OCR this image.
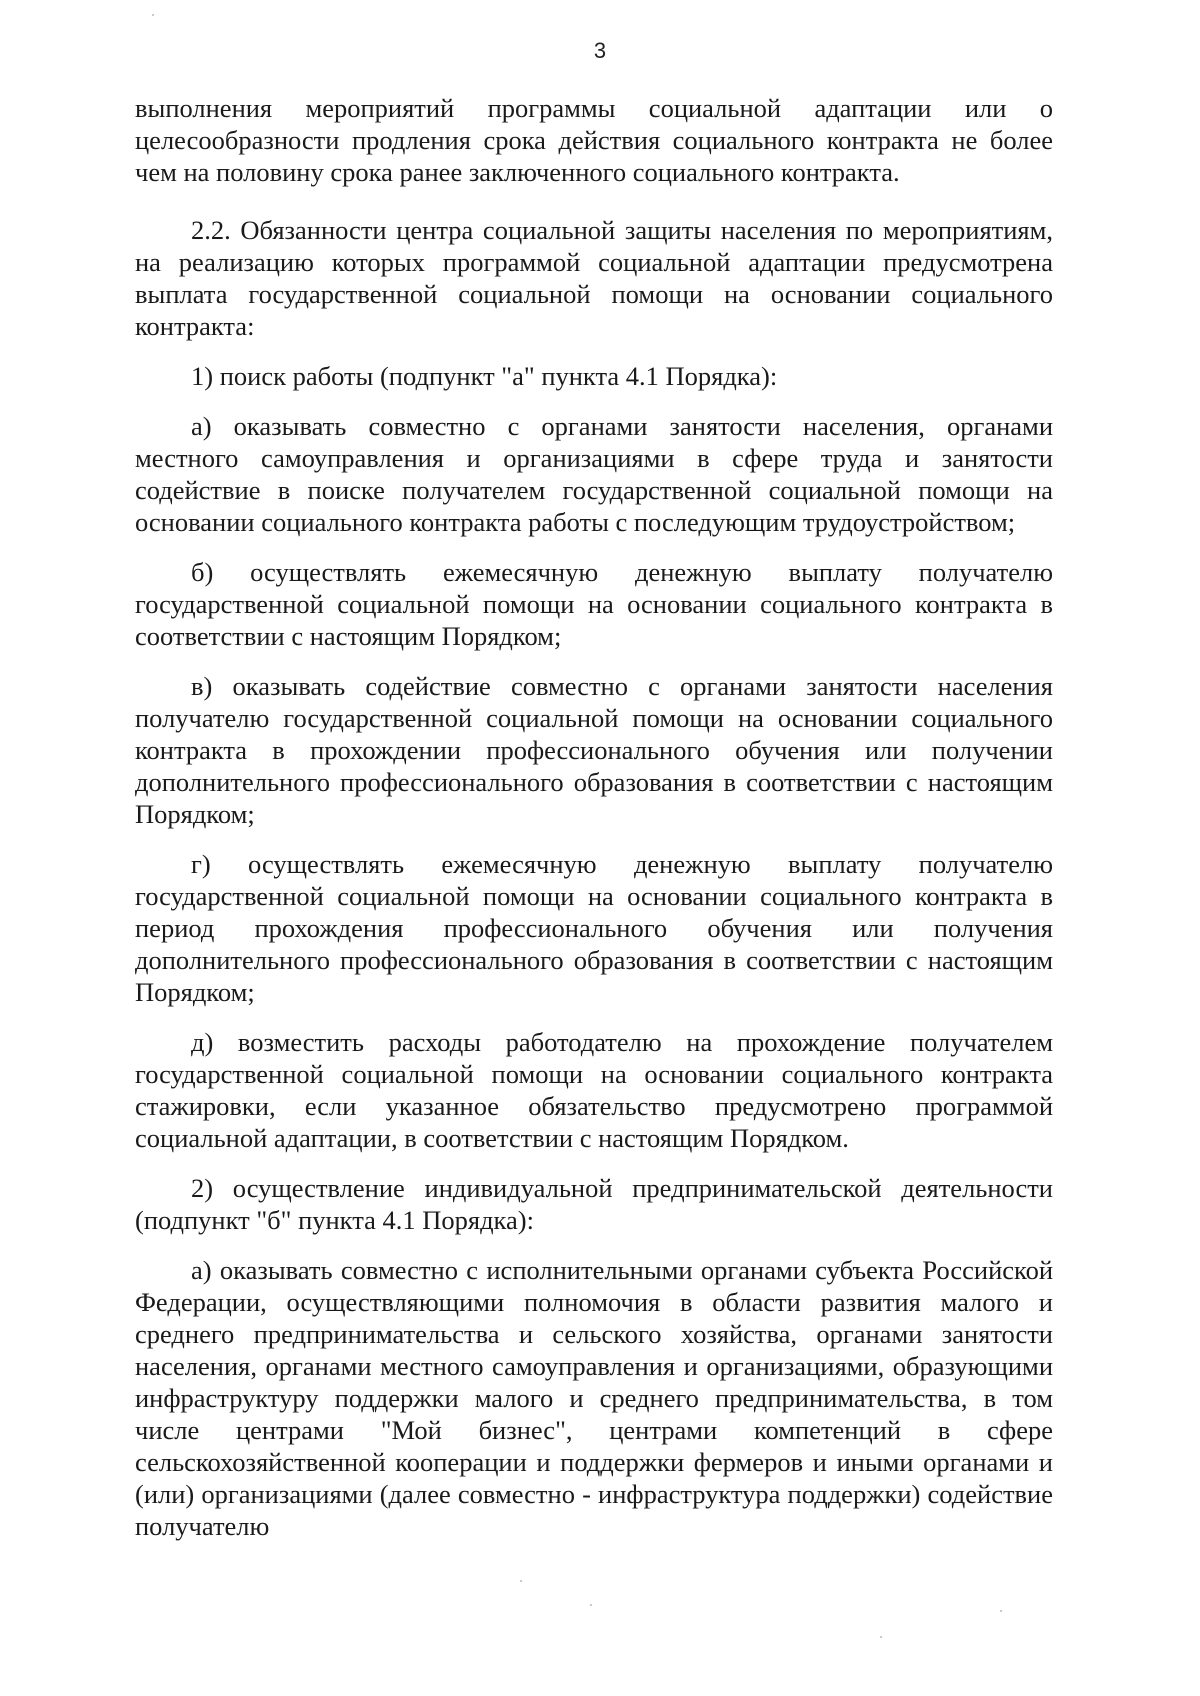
3

выполнения мероприятий программы социальной адаптации или о целесообразности продления срока действия социального контракта не более чем на половину срока ранее заключенного социального контракта.

2.2. Обязанности центра социальной защиты населения по мероприятиям, на реализацию которых программой социальной адаптации предусмотрена выплата государственной социальной помощи на основании социального контракта:

1) поиск работы (подпункт "а" пункта 4.1 Порядка):

а) оказывать совместно с органами занятости населения, органами местного самоуправления и организациями в сфере труда и занятости содействие в поиске получателем государственной социальной помощи на основании социального контракта работы с последующим трудоустройством;

б) осуществлять ежемесячную денежную выплату получателю государственной социальной помощи на основании социального контракта в соответствии с настоящим Порядком;

в) оказывать содействие совместно с органами занятости населения получателю государственной социальной помощи на основании социального контракта в прохождении профессионального обучения или получении дополнительного профессионального образования в соответствии с настоящим Порядком;

г) осуществлять ежемесячную денежную выплату получателю государственной социальной помощи на основании социального контракта в период прохождения профессионального обучения или получения дополнительного профессионального образования в соответствии с настоящим Порядком;

д) возместить расходы работодателю на прохождение получателем государственной социальной помощи на основании социального контракта стажировки, если указанное обязательство предусмотрено программой социальной адаптации, в соответствии с настоящим Порядком.

2) осуществление индивидуальной предпринимательской деятельности (подпункт "б" пункта 4.1 Порядка):

а) оказывать совместно с исполнительными органами субъекта Российской Федерации, осуществляющими полномочия в области развития малого и среднего предпринимательства и сельского хозяйства, органами занятости населения, органами местного самоуправления и организациями, образующими инфраструктуру поддержки малого и среднего предпринимательства, в том числе центрами "Мой бизнес", центрами компетенций в сфере сельскохозяйственной кооперации и поддержки фермеров и иными органами и (или) организациями (далее совместно - инфраструктура поддержки) содействие получателю
